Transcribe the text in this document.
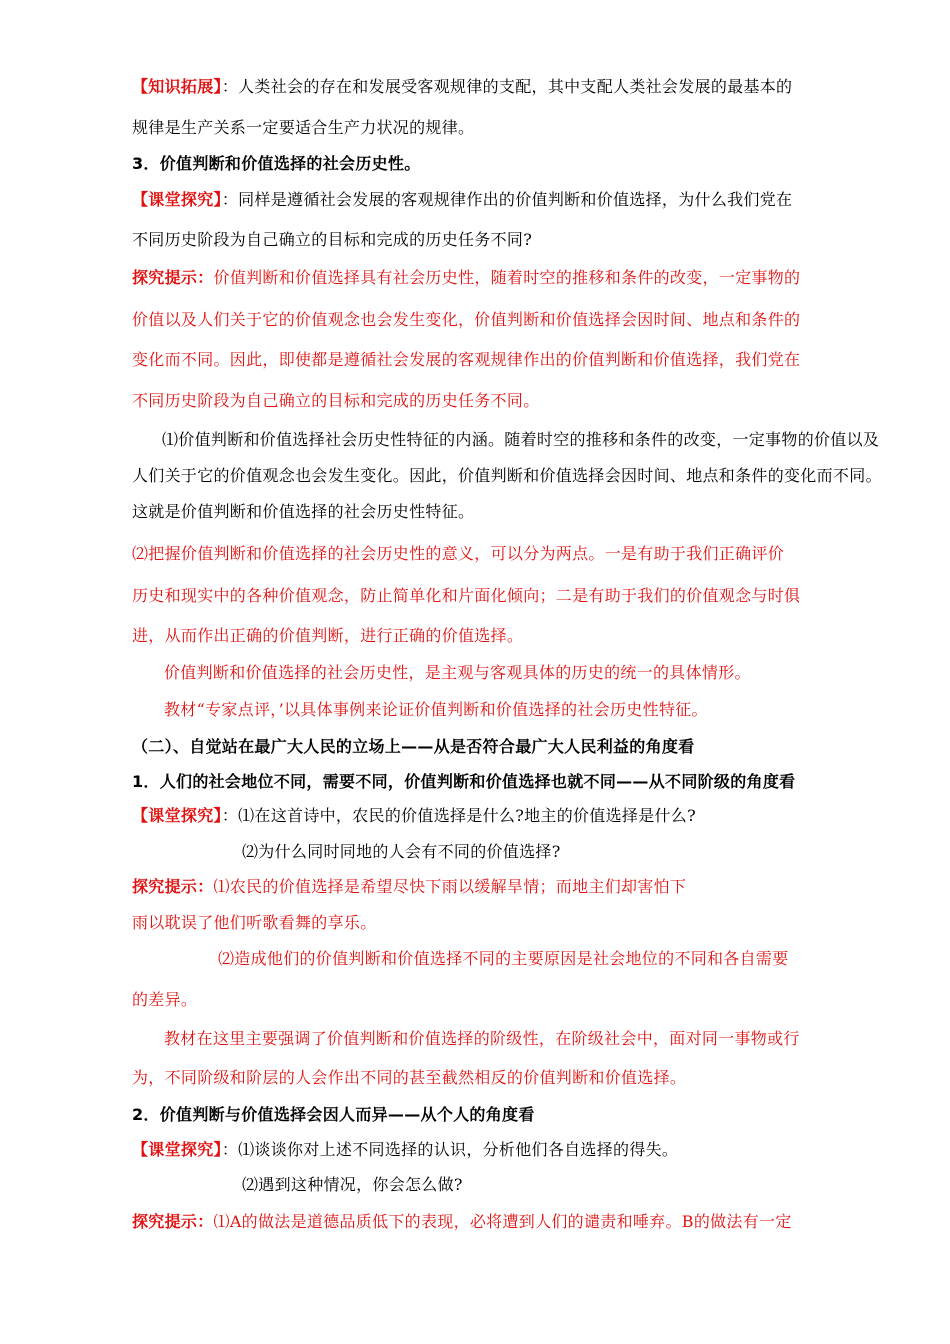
【知识拓展】：人类社会的存在和发展受客观规律的支配，其中支配人类社会发展的最基本的
规律是生产关系一定要适合生产力状况的规律。
3．价值判断和价值选择的社会历史性。
【课堂探究】：同样是遵循社会发展的客观规律作出的价值判断和价值选择，为什么我们党在
不同历史阶段为自己确立的目标和完成的历史任务不同?
探究提示：价值判断和价值选择具有社会历史性，随着时空的推移和条件的改变，一定事物的
价值以及人们关于它的价值观念也会发生变化，价值判断和价值选择会因时间、地点和条件的
变化而不同。因此，即使都是遵循社会发展的客观规律作出的价值判断和价值选择，我们党在
不同历史阶段为自己确立的目标和完成的历史任务不同。
⑴价值判断和价值选择社会历史性特征的内涵。随着时空的推移和条件的改变，一定事物的价值以及
人们关于它的价值观念也会发生变化。因此，价值判断和价值选择会因时间、地点和条件的变化而不同。
这就是价值判断和价值选择的社会历史性特征。
⑵把握价值判断和价值选择的社会历史性的意义，可以分为两点。一是有助于我们正确评价
历史和现实中的各种价值观念，防止简单化和片面化倾向；二是有助于我们的价值观念与时俱
进，从而作出正确的价值判断，进行正确的价值选择。
价值判断和价值选择的社会历史性，是主观与客观具体的历史的统一的具体情形。
教材“专家点评，’以具体事例来论证价值判断和价值选择的社会历史性特征。
（二）、自觉站在最广大人民的立场上——从是否符合最广大人民利益的角度看
1．人们的社会地位不同，需要不同，价值判断和价值选择也就不同——从不同阶级的角度看
【课堂探究】：⑴在这首诗中，农民的价值选择是什么?地主的价值选择是什么?
⑵为什么同时同地的人会有不同的价值选择?
探究提示：⑴农民的价值选择是希望尽快下雨以缓解旱情；而地主们却害怕下
雨以耽误了他们听歌看舞的享乐。
⑵造成他们的价值判断和价值选择不同的主要原因是社会地位的不同和各自需要
的差异。
教材在这里主要强调了价值判断和价值选择的阶级性，在阶级社会中，面对同一事物或行
为，不同阶级和阶层的人会作出不同的甚至截然相反的价值判断和价值选择。
2．价值判断与价值选择会因人而异——从个人的角度看
【课堂探究】：⑴谈谈你对上述不同选择的认识，分析他们各自选择的得失。
⑵遇到这种情况，你会怎么做?
探究提示：⑴A的做法是道德品质低下的表现，必将遭到人们的谴责和唾弃。B的做法有一定
